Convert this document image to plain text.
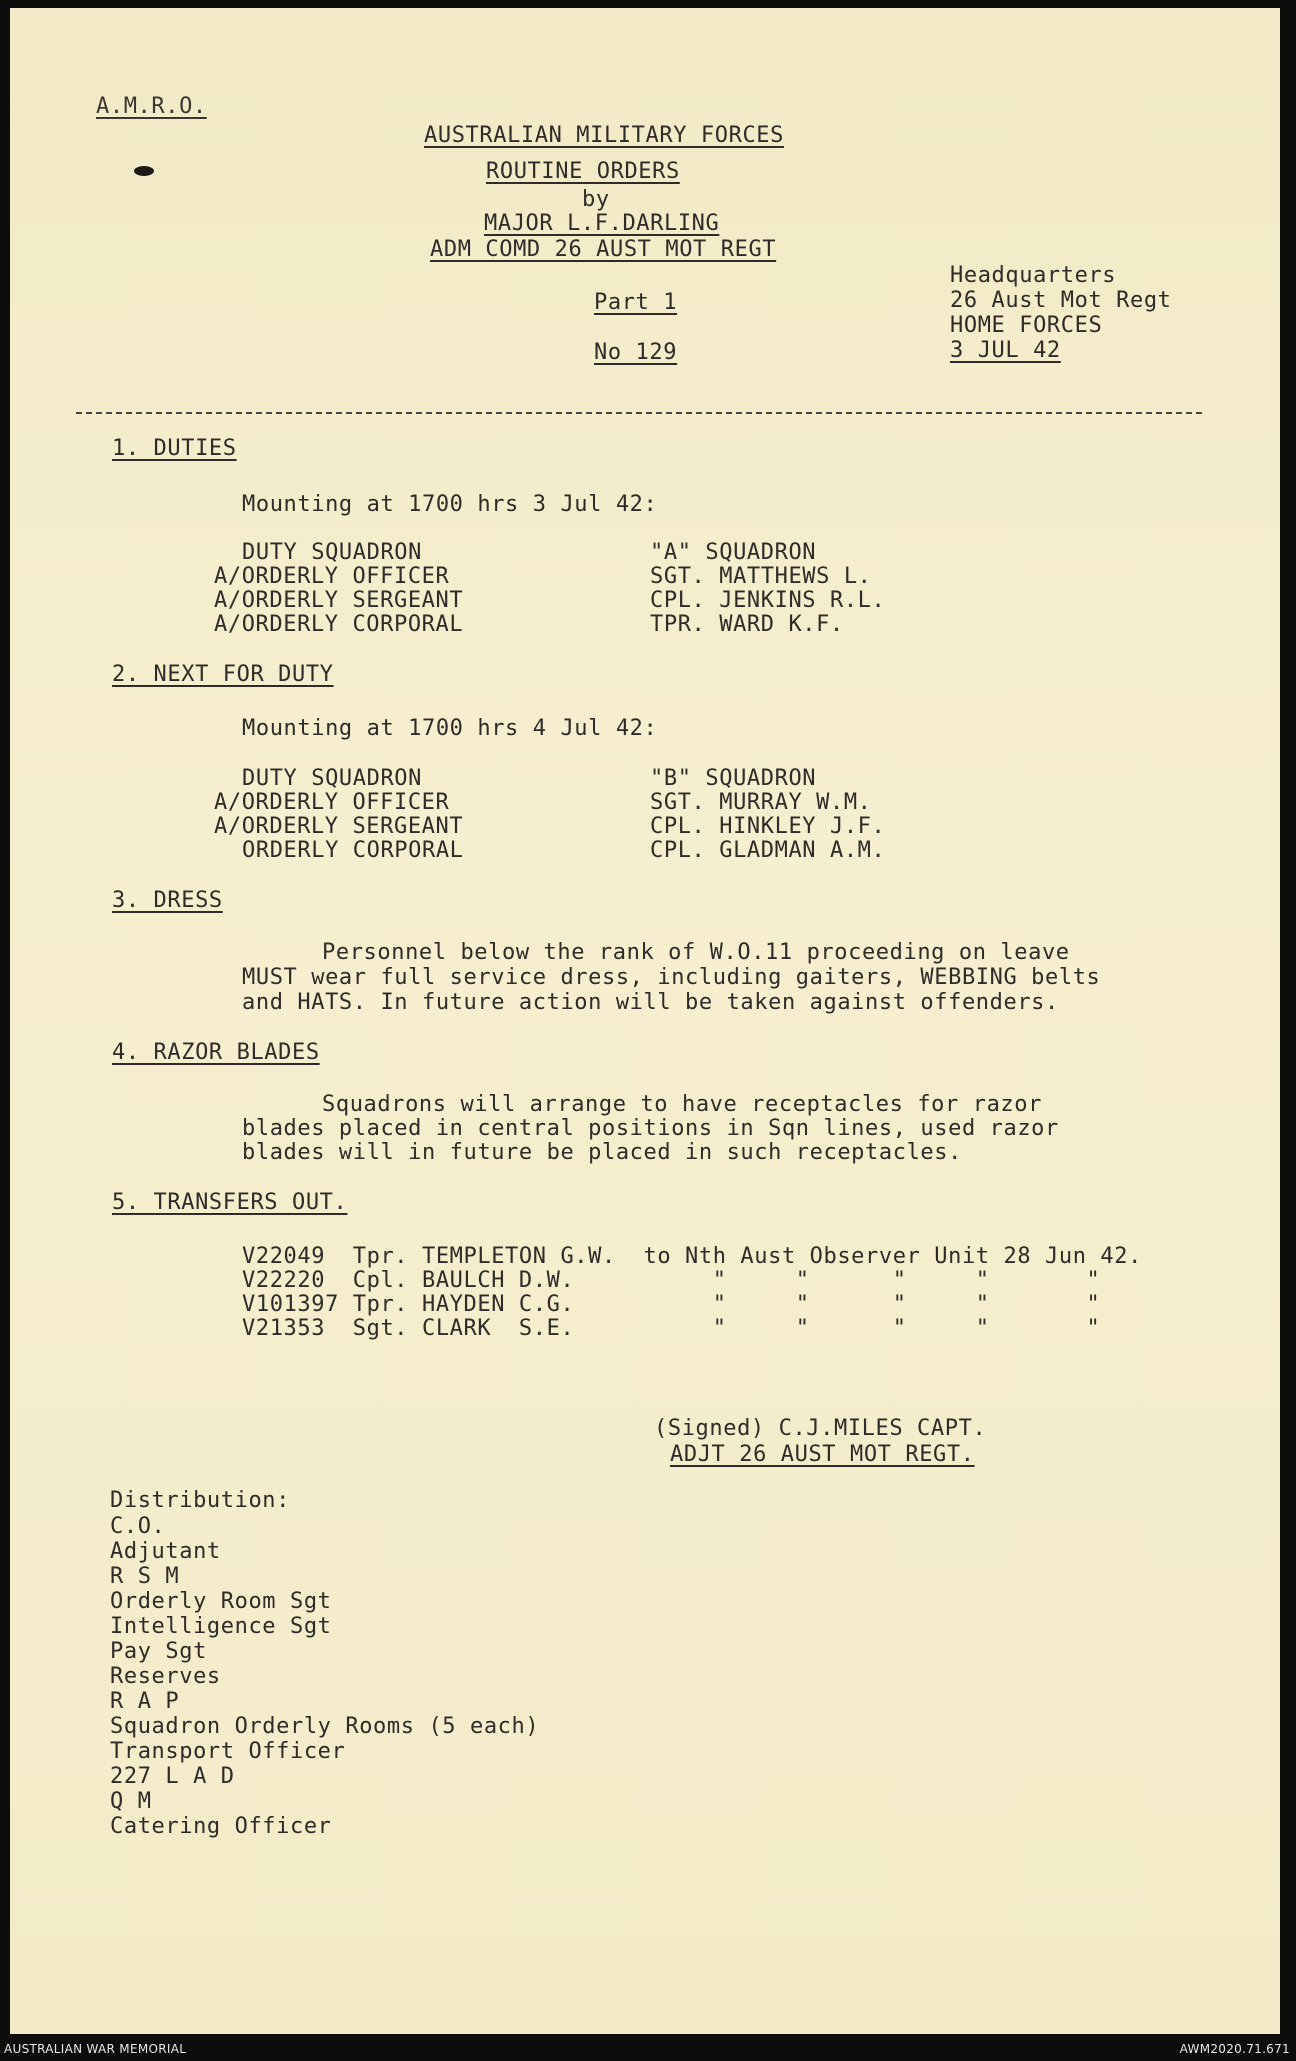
A.M.R.O.
AUSTRALIAN MILITARY FORCES
ROUTINE ORDERS
by
MAJOR L.F.DARLING
ADM COMD 26 AUST MOT REGT
Part 1
No 129
Headquarters
26 Aust Mot Regt
HOME FORCES
3 JUL 42
1. DUTIES
Mounting at 1700 hrs 3 Jul 42:
DUTY SQUADRON
A/ORDERLY OFFICER
A/ORDERLY SERGEANT
A/ORDERLY CORPORAL
"A" SQUADRON
SGT. MATTHEWS L.
CPL. JENKINS R.L.
TPR. WARD K.F.
2. NEXT FOR DUTY
Mounting at 1700 hrs 4 Jul 42:
DUTY SQUADRON
A/ORDERLY OFFICER
A/ORDERLY SERGEANT
ORDERLY CORPORAL
"B" SQUADRON
SGT. MURRAY W.M.
CPL. HINKLEY J.F.
CPL. GLADMAN A.M.
3. DRESS
Personnel below the rank of W.O.11 proceeding on leave
MUST wear full service dress, including gaiters, WEBBING belts
and HATS. In future action will be taken against offenders.
4. RAZOR BLADES
Squadrons will arrange to have receptacles for razor
blades placed in central positions in Sqn lines, used razor
blades will in future be placed in such receptacles.
5. TRANSFERS OUT.
V22049  Tpr. TEMPLETON G.W.  to Nth Aust Observer Unit 28 Jun 42.
V22220  Cpl. BAULCH D.W.          "     "      "     "       "
V101397 Tpr. HAYDEN C.G.          "     "      "     "       "
V21353  Sgt. CLARK  S.E.          "     "      "     "       "
(Signed) C.J.MILES CAPT.
ADJT 26 AUST MOT REGT.
Distribution:
C.O.
Adjutant
R S M
Orderly Room Sgt
Intelligence Sgt
Pay Sgt
Reserves
R A P
Squadron Orderly Rooms (5 each)
Transport Officer
227 L A D
Q M
Catering Officer
AUSTRALIAN WAR MEMORIAL	AWM2020.71.671
